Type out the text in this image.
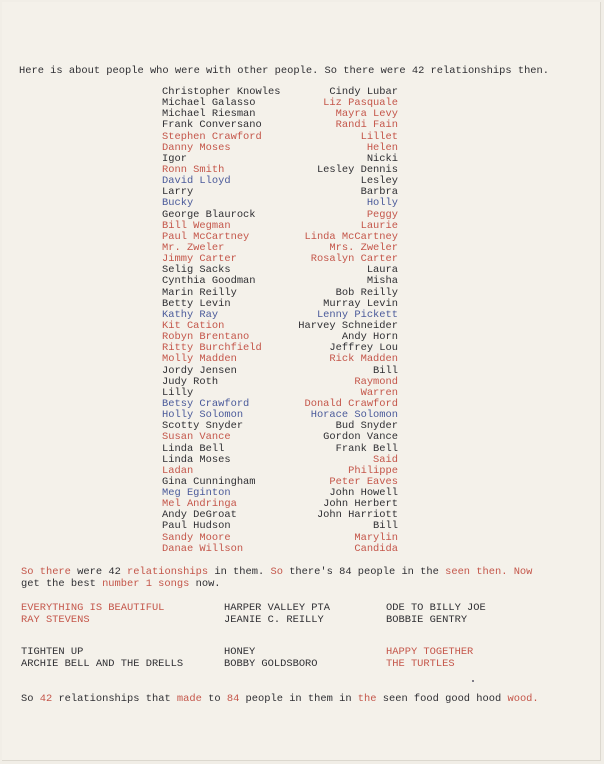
Here is about people who were with other people. So there were 42 relationships then.
Christopher Knowles
Michael Galasso
Michael Riesman
Frank Conversano
Stephen Crawford
Danny Moses
Igor
Ronn Smith
David Lloyd
Larry
Bucky
George Blaurock
Bill Wegman
Paul McCartney
Mr. Zweler
Jimmy Carter
Selig Sacks
Cynthia Goodman
Marin Reilly
Betty Levin
Kathy Ray
Kit Cation
Robyn Brentano
Ritty Burchfield
Molly Madden
Jordy Jensen
Judy Roth
Lilly
Betsy Crawford
Holly Solomon
Scotty Snyder
Susan Vance
Linda Bell
Linda Moses
Ladan
Gina Cunningham
Meg Eginton
Mel Andringa
Andy DeGroat
Paul Hudson
Sandy Moore
Danae Willson
Cindy Lubar
Liz Pasquale
Mayra Levy
Randi Fain
Lillet
Helen
Nicki
Lesley Dennis
Lesley
Barbra
Holly
Peggy
Laurie
Linda McCartney
Mrs. Zweler
Rosalyn Carter
Laura
Misha
Bob Reilly
Murray Levin
Lenny Pickett
Harvey Schneider
Andy Horn
Jeffrey Lou
Rick Madden
Bill
Raymond
Warren
Donald Crawford
Horace Solomon
Bud Snyder
Gordon Vance
Frank Bell
Said
Philippe
Peter Eaves
John Howell
John Herbert
John Harriott
Bill
Marylin
Candida
So there were 42 relationships in them. So there's 84 people in the seen then. Now
get the best number 1 songs now.
EVERYTHING IS BEAUTIFUL
RAY STEVENS
HARPER VALLEY PTA
JEANIE C. REILLY
ODE TO BILLY JOE
BOBBIE GENTRY
TIGHTEN UP
ARCHIE BELL AND THE DRELLS
HONEY
BOBBY GOLDSBORO
HAPPY TOGETHER
THE TURTLES
So 42 relationships that made to 84 people in them in the seen food good hood wood.
